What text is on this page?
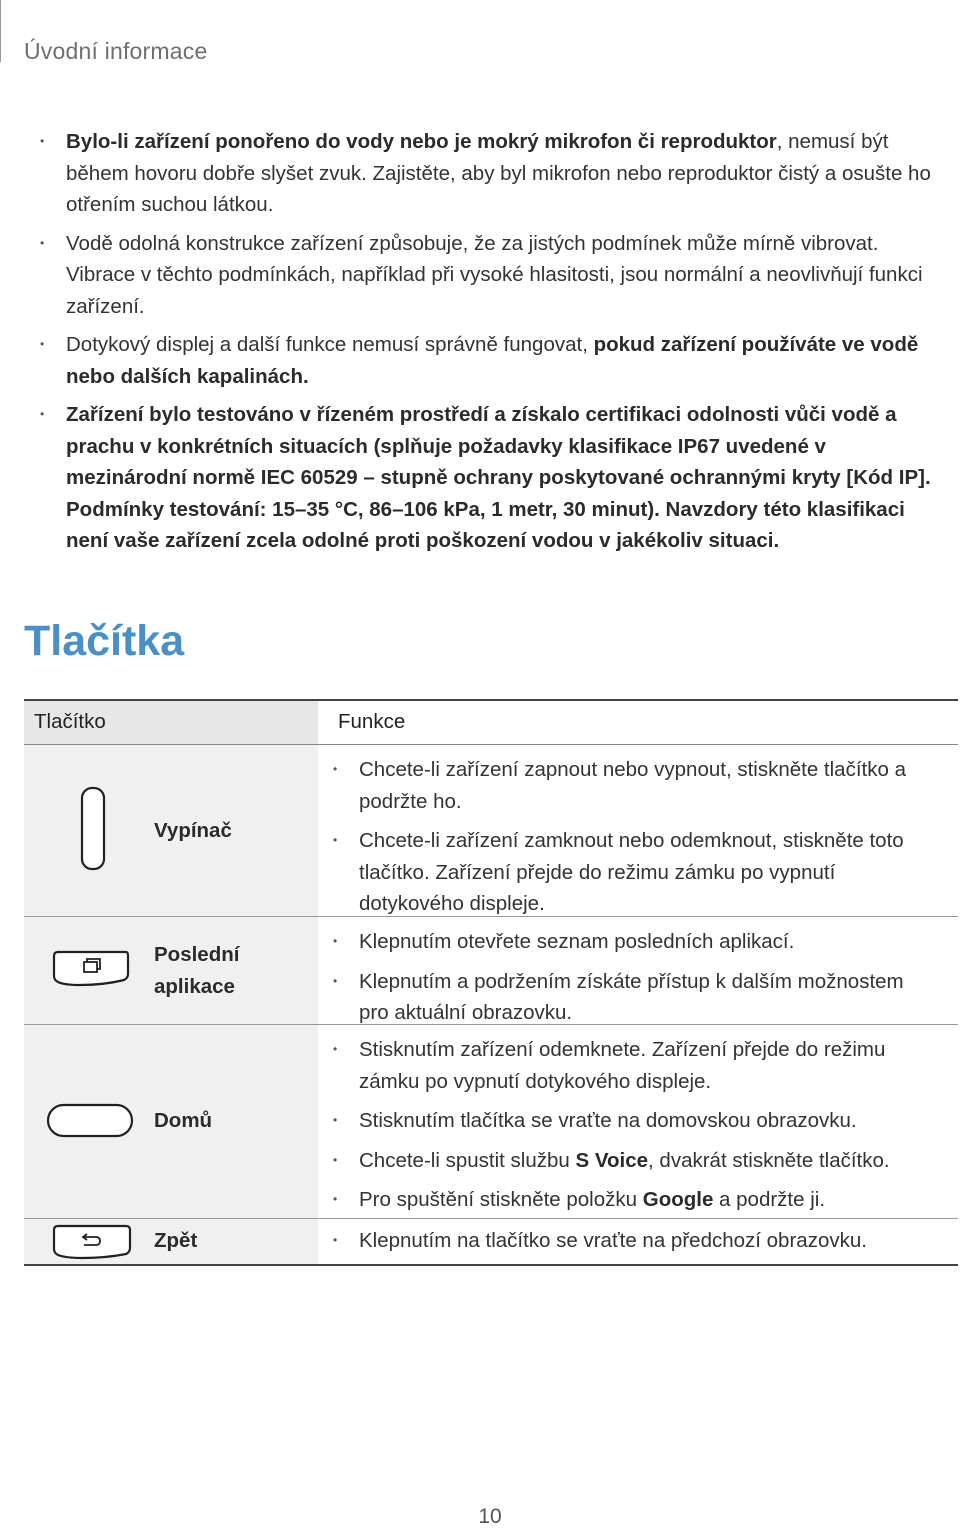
Úvodní informace
• Bylo-li zařízení ponořeno do vody nebo je mokrý mikrofon či reproduktor, nemusí být během hovoru dobře slyšet zvuk. Zajistěte, aby byl mikrofon nebo reproduktor čistý a osušte ho otřením suchou látkou.
• Vodě odolná konstrukce zařízení způsobuje, že za jistých podmínek může mírně vibrovat. Vibrace v těchto podmínkách, například při vysoké hlasitosti, jsou normální a neovlivňují funkci zařízení.
• Dotykový displej a další funkce nemusí správně fungovat, pokud zařízení používáte ve vodě nebo dalších kapalinách.
• Zařízení bylo testováno v řízeném prostředí a získalo certifikaci odolnosti vůči vodě a prachu v konkrétních situacích (splňuje požadavky klasifikace IP67 uvedené v mezinárodní normě IEC 60529 – stupně ochrany poskytované ochrannými kryty [Kód IP]. Podmínky testování: 15–35 °C, 86–106 kPa, 1 metr, 30 minut). Navzdory této klasifikaci není vaše zařízení zcela odolné proti poškození vodou v jakékoliv situaci.
Tlačítka
Tlačítko	Funkce
Vypínač
• Chcete-li zařízení zapnout nebo vypnout, stiskněte tlačítko a podržte ho.
• Chcete-li zařízení zamknout nebo odemknout, stiskněte toto tlačítko. Zařízení přejde do režimu zámku po vypnutí dotykového displeje.
Poslední aplikace
• Klepnutím otevřete seznam posledních aplikací.
• Klepnutím a podržením získáte přístup k dalším možnostem pro aktuální obrazovku.
Domů
• Stisknutím zařízení odemknete. Zařízení přejde do režimu zámku po vypnutí dotykového displeje.
• Stisknutím tlačítka se vraťte na domovskou obrazovku.
• Chcete-li spustit službu S Voice, dvakrát stiskněte tlačítko.
• Pro spuštění stiskněte položku Google a podržte ji.
Zpět
•	Klepnutím na tlačítko se vraťte na předchozí obrazovku.
10
